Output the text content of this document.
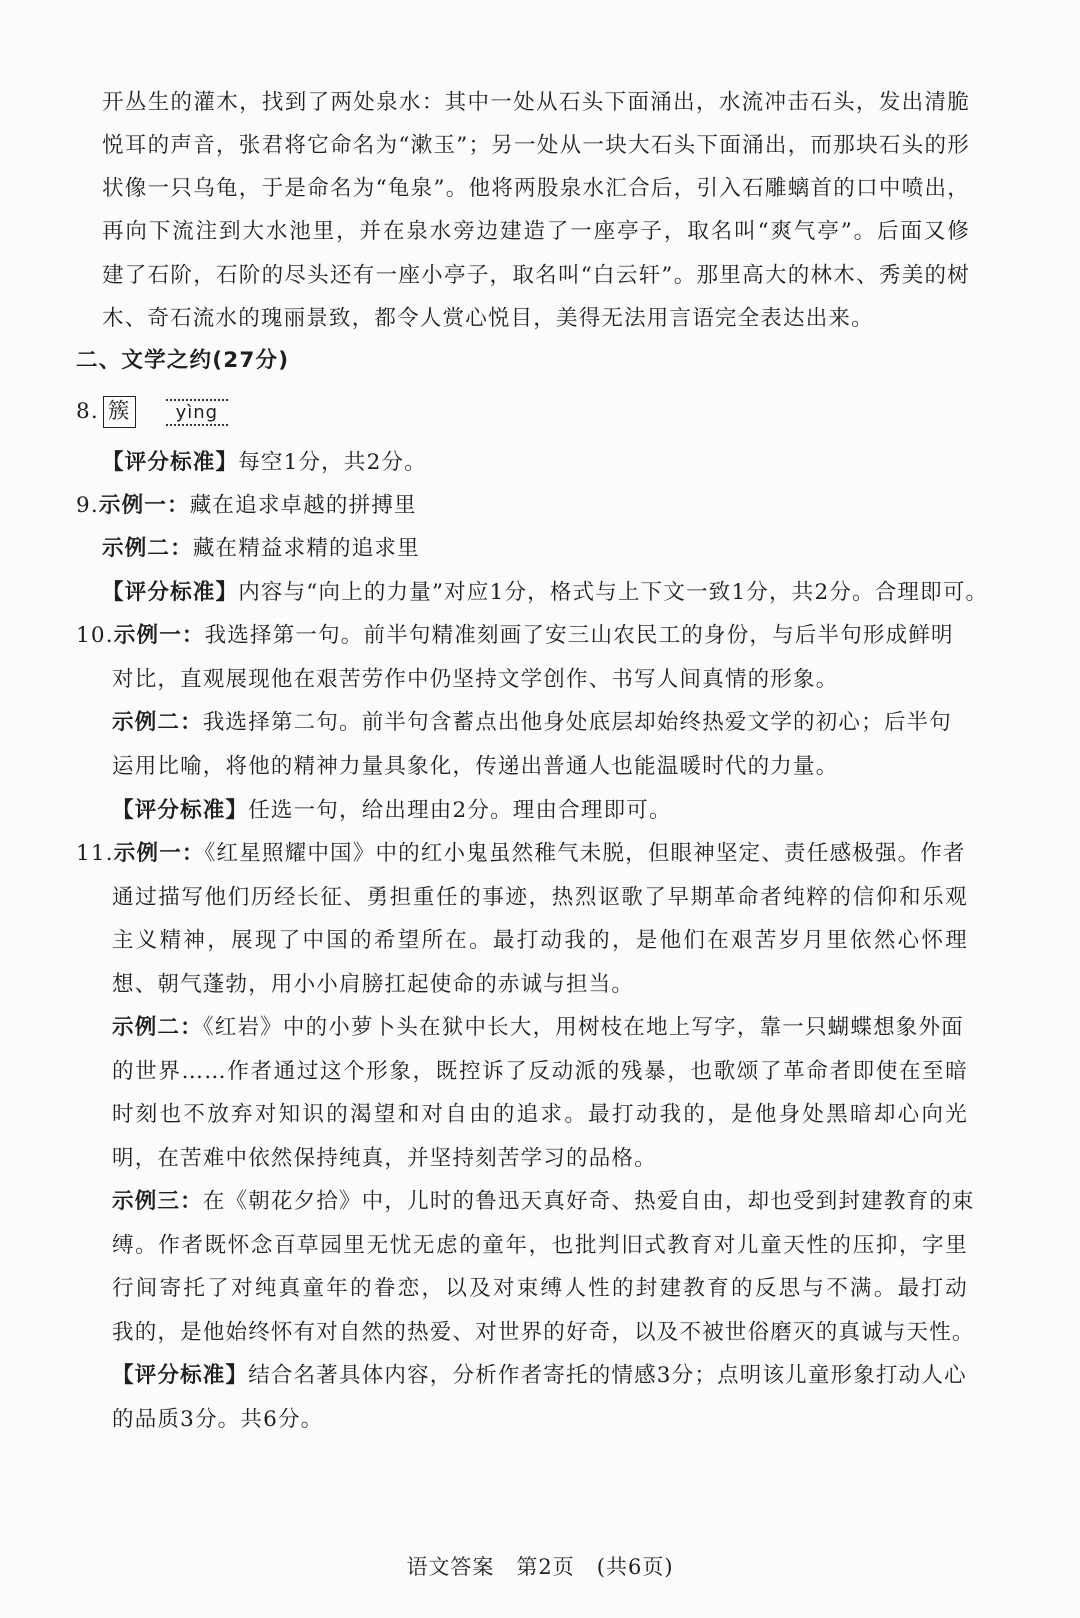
开丛生的灌木，找到了两处泉水：其中一处从石头下面涌出，水流冲击石头，发出清脆
悦耳的声音，张君将它命名为“漱玉”；另一处从一块大石头下面涌出，而那块石头的形
状像一只乌龟，于是命名为“龟泉”。他将两股泉水汇合后，引入石雕螭首的口中喷出，
再向下流注到大水池里，并在泉水旁边建造了一座亭子，取名叫“爽气亭”。后面又修
建了石阶，石阶的尽头还有一座小亭子，取名叫“白云轩”。那里高大的林木、秀美的树
木、奇石流水的瑰丽景致，都令人赏心悦目，美得无法用言语完全表达出来。
二、文学之约(27分)
8. 簇	yìng
【评分标准】每空1分，共2分。
9.示例一：藏在追求卓越的拼搏里
示例二：藏在精益求精的追求里
【评分标准】内容与“向上的力量”对应1分，格式与上下文一致1分，共2分。合理即可。
10.示例一：我选择第一句。前半句精准刻画了安三山农民工的身份，与后半句形成鲜明
对比，直观展现他在艰苦劳作中仍坚持文学创作、书写人间真情的形象。
示例二：我选择第二句。前半句含蓄点出他身处底层却始终热爱文学的初心；后半句
运用比喻，将他的精神力量具象化，传递出普通人也能温暖时代的力量。
【评分标准】任选一句，给出理由2分。理由合理即可。
11.示例一：《红星照耀中国》中的红小鬼虽然稚气未脱，但眼神坚定、责任感极强。作者
通过描写他们历经长征、勇担重任的事迹，热烈讴歌了早期革命者纯粹的信仰和乐观
主义精神，展现了中国的希望所在。最打动我的，是他们在艰苦岁月里依然心怀理
想、朝气蓬勃，用小小肩膀扛起使命的赤诚与担当。
示例二：《红岩》中的小萝卜头在狱中长大，用树枝在地上写字，靠一只蝴蝶想象外面
的世界……作者通过这个形象，既控诉了反动派的残暴，也歌颂了革命者即使在至暗
时刻也不放弃对知识的渴望和对自由的追求。最打动我的，是他身处黑暗却心向光
明，在苦难中依然保持纯真，并坚持刻苦学习的品格。
示例三：在《朝花夕拾》中，儿时的鲁迅天真好奇、热爱自由，却也受到封建教育的束
缚。作者既怀念百草园里无忧无虑的童年，也批判旧式教育对儿童天性的压抑，字里
行间寄托了对纯真童年的眷恋，以及对束缚人性的封建教育的反思与不满。最打动
我的，是他始终怀有对自然的热爱、对世界的好奇，以及不被世俗磨灭的真诚与天性。
【评分标准】结合名著具体内容，分析作者寄托的情感3分；点明该儿童形象打动人心
的品质3分。共6分。
语文答案　第2页　(共6页)
